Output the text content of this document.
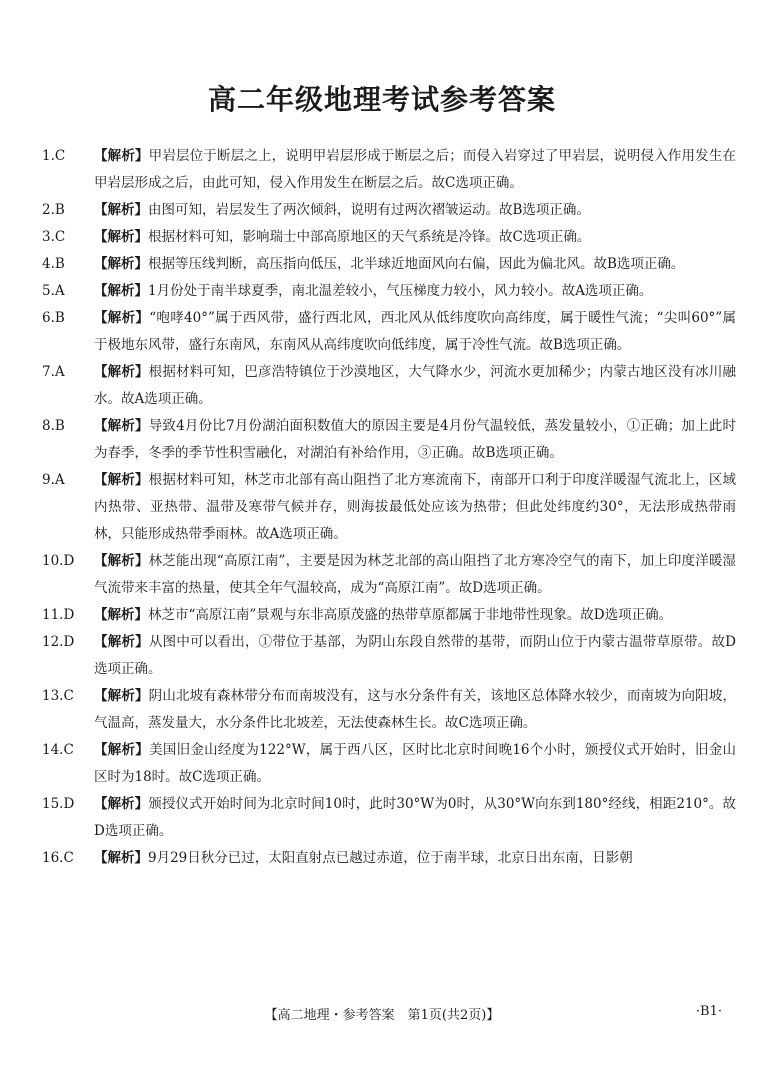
高二年级地理考试参考答案
1.C	【解析】甲岩层位于断层之上，说明甲岩层形成于断层之后；而侵入岩穿过了甲岩层，说明侵入作用发生在甲岩层形成之后，由此可知，侵入作用发生在断层之后。故C选项正确。
2.B	【解析】由图可知，岩层发生了两次倾斜，说明有过两次褶皱运动。故B选项正确。
3.C	【解析】根据材料可知，影响瑞士中部高原地区的天气系统是冷锋。故C选项正确。
4.B	【解析】根据等压线判断，高压指向低压，北半球近地面风向右偏，因此为偏北风。故B选项正确。
5.A	【解析】1月份处于南半球夏季，南北温差较小，气压梯度力较小，风力较小。故A选项正确。
6.B	【解析】“咆哮40°”属于西风带，盛行西北风，西北风从低纬度吹向高纬度，属于暖性气流；“尖叫60°”属于极地东风带，盛行东南风，东南风从高纬度吹向低纬度，属于冷性气流。故B选项正确。
7.A	【解析】根据材料可知，巴彦浩特镇位于沙漠地区，大气降水少，河流水更加稀少；内蒙古地区没有冰川融水。故A选项正确。
8.B	【解析】导致4月份比7月份湖泊面积数值大的原因主要是4月份气温较低，蒸发量较小，①正确；加上此时为春季，冬季的季节性积雪融化，对湖泊有补给作用，③正确。故B选项正确。
9.A	【解析】根据材料可知，林芝市北部有高山阻挡了北方寒流南下，南部开口利于印度洋暖湿气流北上，区域内热带、亚热带、温带及寒带气候并存，则海拔最低处应该为热带；但此处纬度约30°，无法形成热带雨林，只能形成热带季雨林。故A选项正确。
10.D	【解析】林芝能出现“高原江南”，主要是因为林芝北部的高山阻挡了北方寒冷空气的南下，加上印度洋暖湿气流带来丰富的热量，使其全年气温较高，成为“高原江南”。故D选项正确。
11.D	【解析】林芝市“高原江南”景观与东非高原茂盛的热带草原都属于非地带性现象。故D选项正确。
12.D	【解析】从图中可以看出，①带位于基部，为阴山东段自然带的基带，而阴山位于内蒙古温带草原带。故D选项正确。
13.C	【解析】阴山北坡有森林带分布而南坡没有，这与水分条件有关，该地区总体降水较少，而南坡为向阳坡，气温高，蒸发量大，水分条件比北坡差，无法使森林生长。故C选项正确。
14.C	【解析】美国旧金山经度为122°W，属于西八区，区时比北京时间晚16个小时，颁授仪式开始时，旧金山区时为18时。故C选项正确。
15.D	【解析】颁授仪式开始时间为北京时间10时，此时30°W为0时，从30°W向东到180°经线，相距210°。故D选项正确。
16.C	【解析】9月29日秋分已过，太阳直射点已越过赤道，位于南半球，北京日出东南，日影朝
【高二地理・参考答案　第1页(共2页)】	·B1·
